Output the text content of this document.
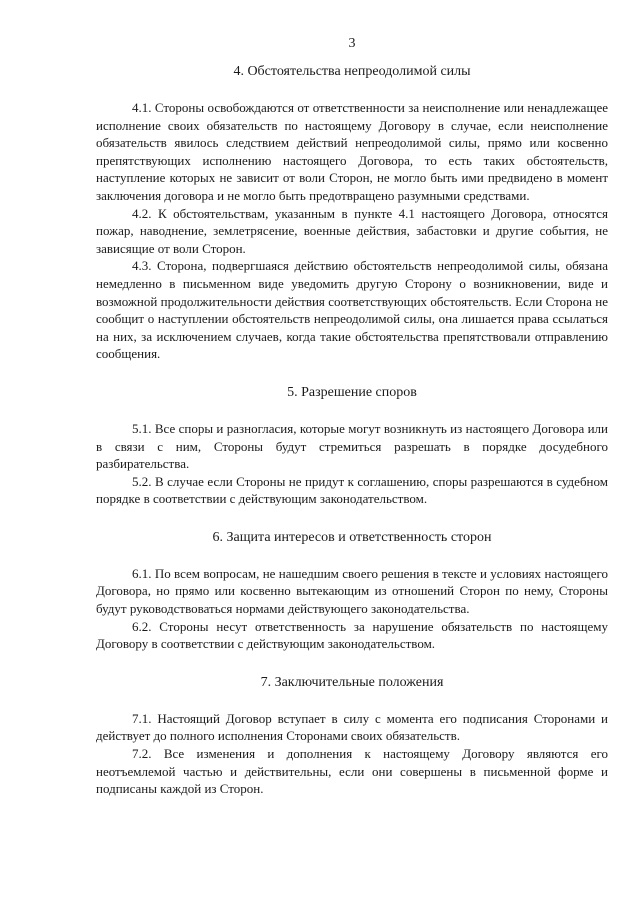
3
4. Обстоятельства непреодолимой силы

4.1. Стороны освобождаются от ответственности за неисполнение или ненадлежащее исполнение своих обязательств по настоящему Договору в случае, если неисполнение обязательств явилось следствием действий непреодолимой силы, прямо или косвенно препятствующих исполнению настоящего Договора, то есть таких обстоятельств, наступление которых не зависит от воли Сторон, не могло быть ими предвидено в момент заключения договора и не могло быть предотвращено разумными средствами.

4.2. К обстоятельствам, указанным в пункте 4.1 настоящего Договора, относятся пожар, наводнение, землетрясение, военные действия, забастовки и другие события, не зависящие от воли Сторон.

4.3. Сторона, подвергшаяся действию обстоятельств непреодолимой силы, обязана немедленно в письменном виде уведомить другую Сторону о возникновении, виде и возможной продолжительности действия соответствующих обстоятельств. Если Сторона не сообщит о наступлении обстоятельств непреодолимой силы, она лишается права ссылаться на них, за исключением случаев, когда такие обстоятельства препятствовали отправлению сообщения.

5. Разрешение споров

5.1. Все споры и разногласия, которые могут возникнуть из настоящего Договора или в связи с ним, Стороны будут стремиться разрешать в порядке досудебного разбирательства.

5.2. В случае если Стороны не придут к соглашению, споры разрешаются в судебном порядке в соответствии с действующим законодательством.

6. Защита интересов и ответственность сторон

6.1. По всем вопросам, не нашедшим своего решения в тексте и условиях настоящего Договора, но прямо или косвенно вытекающим из отношений Сторон по нему, Стороны будут руководствоваться нормами действующего законодательства.

6.2. Стороны несут ответственность за нарушение обязательств по настоящему Договору в соответствии с действующим законодательством.

7. Заключительные положения

7.1. Настоящий Договор вступает в силу с момента его подписания Сторонами и действует до полного исполнения Сторонами своих обязательств.

7.2. Все изменения и дополнения к настоящему Договору являются его неотъемлемой частью и действительны, если они совершены в письменной форме и подписаны каждой из Сторон.
